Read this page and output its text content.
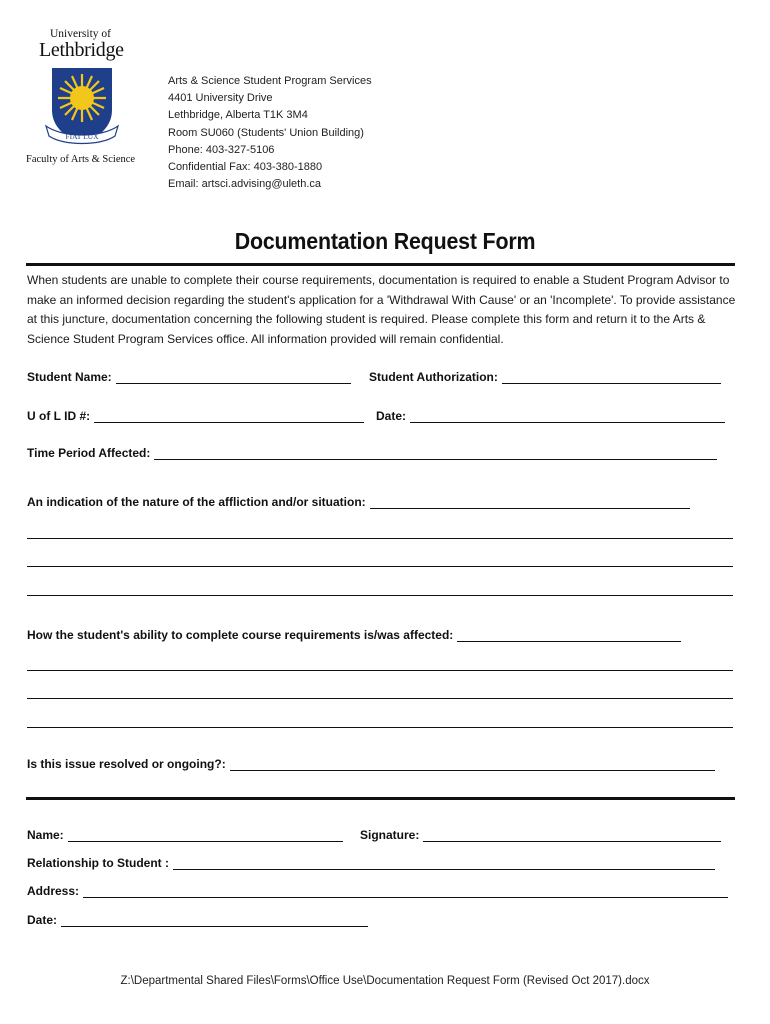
University of
Lethbridge
FIAT LUX
Faculty of Arts & Science
Arts & Science Student Program Services
4401 University Drive
Lethbridge, Alberta T1K 3M4
Room SU060 (Students' Union Building)
Phone: 403-327-5106
Confidential Fax: 403-380-1880
Email: artsci.advising@uleth.ca
Documentation Request Form
When students are unable to complete their course requirements, documentation is required to enable a Student Program Advisor to make an informed decision regarding the student's application for a 'Withdrawal With Cause' or an 'Incomplete'. To provide assistance at this juncture, documentation concerning the following student is required. Please complete this form and return it to the Arts & Science Student Program Services office. All information provided will remain confidential.
Student Name:	Student Authorization:
U of L ID #:	Date:
Time Period Affected:
An indication of the nature of the affliction and/or situation:
How the student's ability to complete course requirements is/was affected:
Is this issue resolved or ongoing?:
Name:	Signature:
Relationship to Student :
Address:
Date:
Z:\Departmental Shared Files\Forms\Office Use\Documentation Request Form (Revised Oct 2017).docx
